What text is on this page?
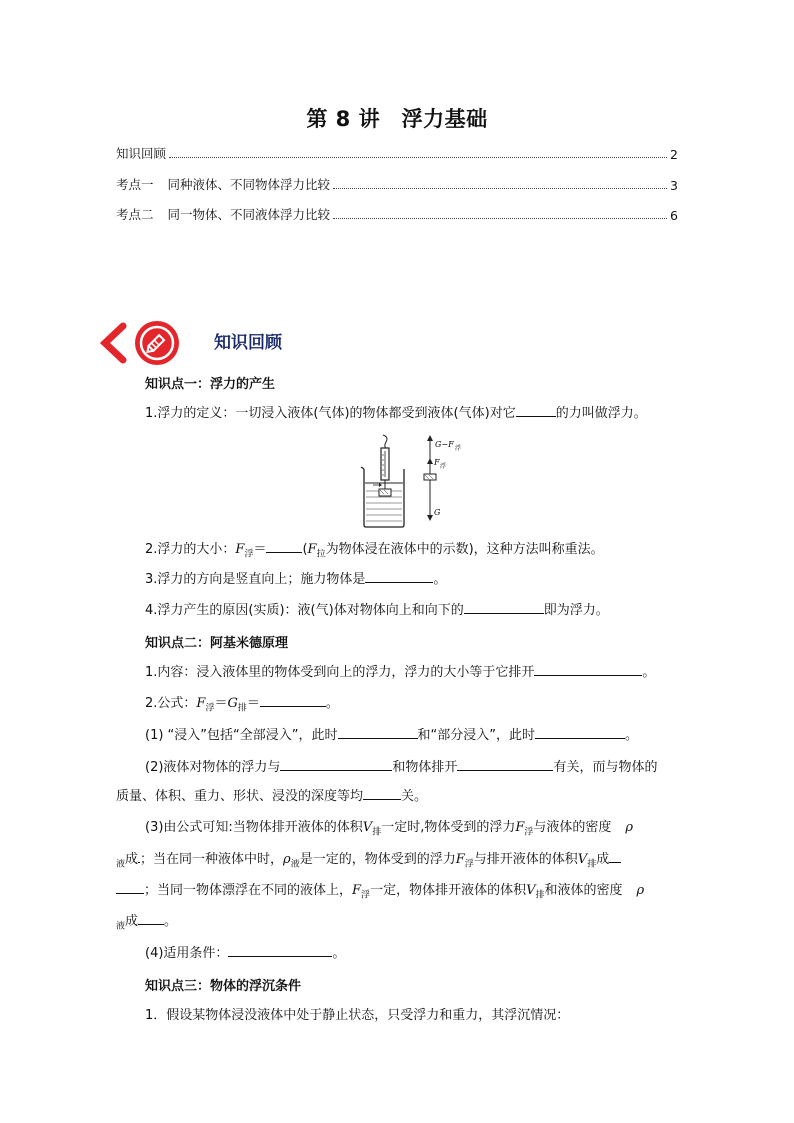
第 8 讲　浮力基础
知识回顾	2
考点一 同种液体、不同物体浮力比较	3
考点二 同一物体、不同液体浮力比较	6
知识回顾
知识点一：浮力的产生
1.浮力的定义：一切浸入液体(气体)的物体都受到液体(气体)对它	的力叫做浮力。
G−F 浮
F 浮
G
2.浮力的大小：$F_浮=$	($F_拉$为物体浸在液体中的示数)，这种方法叫称重法。
3.浮力的方向是竖直向上；施力物体是	。
4.浮力产生的原因(实质)：液(气)体对物体向上和向下的	即为浮力。
知识点二：阿基米德原理
1.内容：浸入液体里的物体受到向上的浮力，浮力的大小等于它排开	。
2.公式：$F_浮=G_排=$	。
(1) “浸入”包括“全部浸入”，此时	和“部分浸入”，此时	。
(2)液体对物体的浮力与	和物体排开	有关，而与物体的
质量、体积、重力、形状、浸没的深度等均	关。
(3)由公式可知:当物体排开液体的体积$V_排$一定时,物体受到的浮力$F_浮$与液体的密度 ρ
$_液$成 ；当在同一种液体中时，$\rho_液$是一定的，物体受到的浮力$F_浮$与排开液体的体积$V_排$成
；当同一物体漂浮在不同的液体上，$F_浮$一定，物体排开液体的体积$V_排$和液体的密度 ρ
$_液$成 。
(4)适用条件：	。
知识点三：物体的浮沉条件
1．假设某物体浸没液体中处于静止状态，只受浮力和重力，其浮沉情况：
